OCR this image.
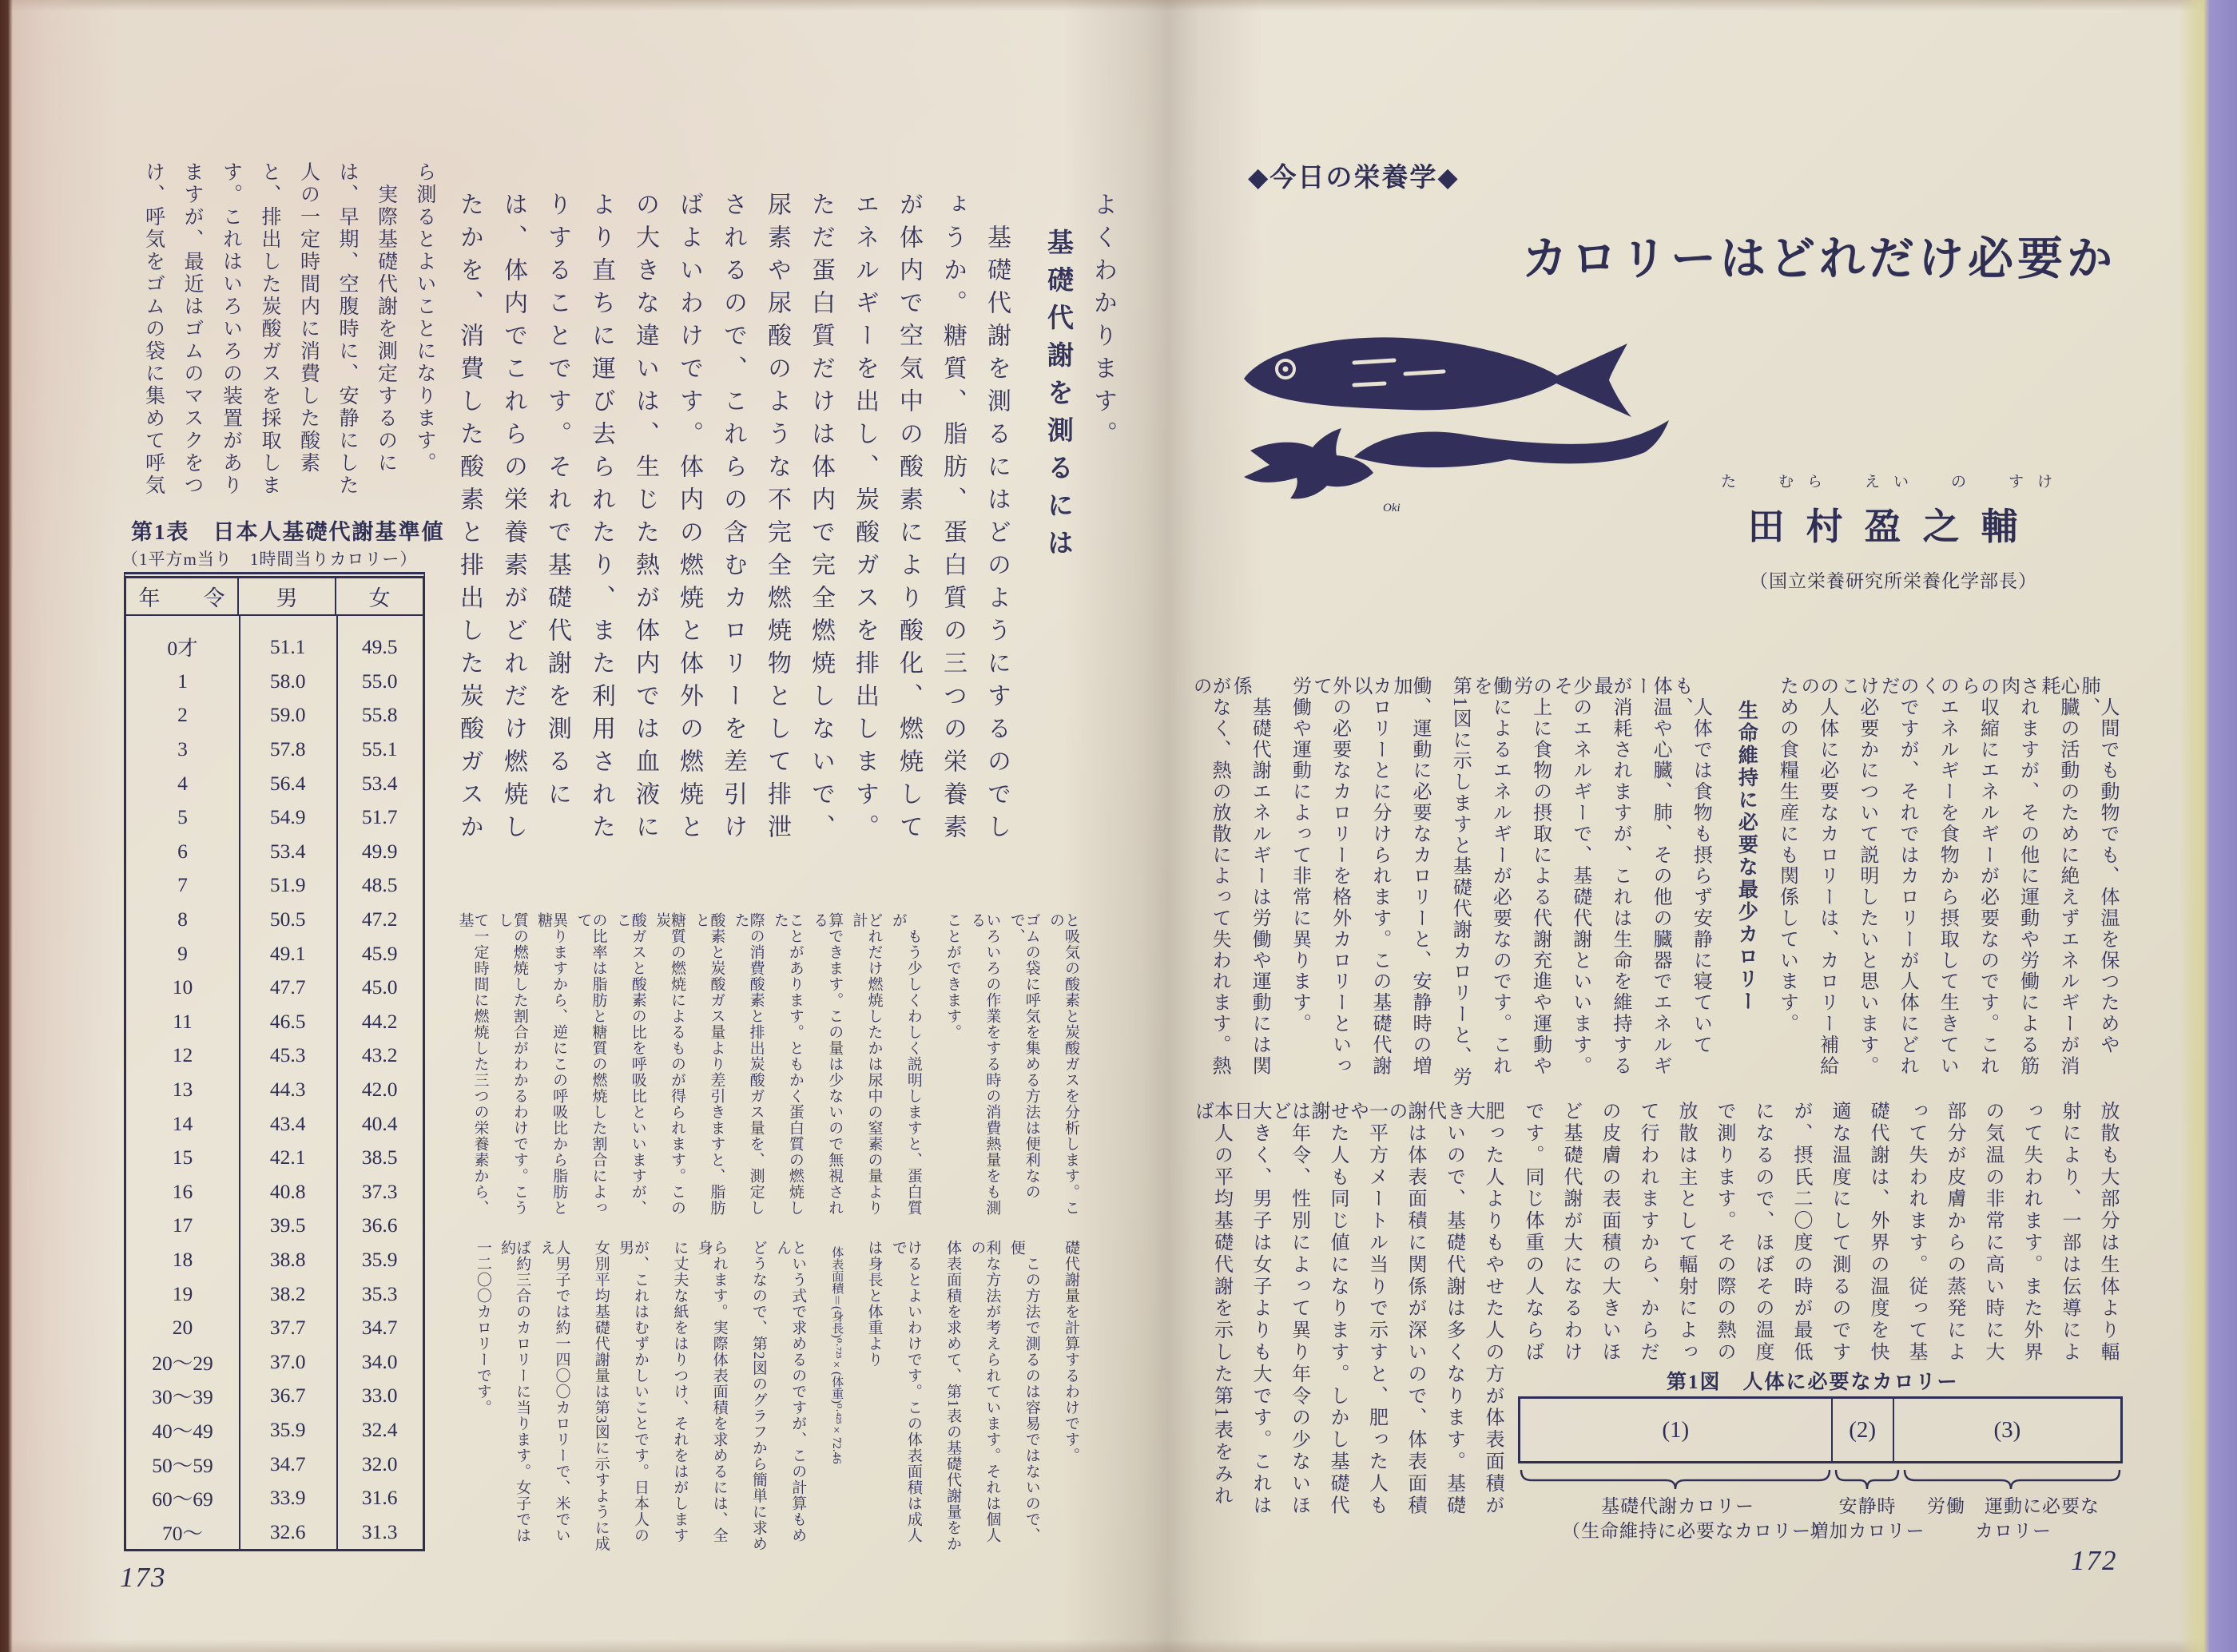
ら測るとよいことになります。
　実際基礎代謝を測定するのに
は、早期、空腹時に、安静にした
人の一定時間内に消費した酸素
と、排出した炭酸ガスを採取しま
す。これはいろいろの装置があり
ますが、最近はゴムのマスクをつ
け、呼気をゴムの袋に集めて呼気
第1表　日本人基礎代謝基準値
（1平方m当り　1時間当りカロリー）
年　　令	男	女
0才	51.1	49.5
1	58.0	55.0
2	59.0	55.8
3	57.8	55.1
4	56.4	53.4
5	54.9	51.7
6	53.4	49.9
7	51.9	48.5
8	50.5	47.2
9	49.1	45.9
10	47.7	45.0
11	46.5	44.2
12	45.3	43.2
13	44.3	42.0
14	43.4	40.4
15	42.1	38.5
16	40.8	37.3
17	39.5	36.6
18	38.8	35.9
19	38.2	35.3
20	37.7	34.7
20〜29	37.0	34.0
30〜39	36.7	33.0
40〜49	35.9	32.4
50〜59	34.7	32.0
60〜69	33.9	31.6
70〜	32.6	31.3
よくわかります。
基礎代謝を測るには
　基礎代謝を測るにはどのようにするのでし
ょうか。糖質、脂肪、蛋白質の三つの栄養素
が体内で空気中の酸素により酸化、燃焼して
エネルギーを出し、炭酸ガスを排出します。
ただ蛋白質だけは体内で完全燃焼しないで、
尿素や尿酸のような不完全燃焼物として排泄
されるので、これらの含むカロリーを差引け
ばよいわけです。体内の燃焼と体外の燃焼と
の大きな違いは、生じた熱が体内では血液に
より直ちに運び去られたり、また利用された
りすることです。それで基礎代謝を測るに
は、体内でこれらの栄養素がどれだけ燃焼し
たかを、消費した酸素と排出した炭酸ガスか
と吸気の酸素と炭酸ガスを分析します。この
ゴムの袋に呼気を集める方法は便利なので、
いろいろの作業をする時の消費熱量をも測る
ことができます。
　もう少しくわしく説明しますと、蛋白質が
どれだけ燃焼したかは尿中の窒素の量より計
算できます。この量は少ないので無視される
ことがあります。ともかく蛋白質の燃焼した
際の消費酸素と排出炭酸ガス量を、測定した
酸素と炭酸ガス量より差引きますと、脂肪と
糖質の燃焼によるものが得られます。この炭
酸ガスと酸素の比を呼吸比といいますが、こ
の比率は脂肪と糖質の燃焼した割合によって
異りますから、逆にこの呼吸比から脂肪と糖
質の燃焼した割合がわかるわけです。こうし
て一定時間に燃焼した三つの栄養素から、基
礎代謝量を計算するわけです。
　この方法で測るのは容易ではないので、便
利な方法が考えられています。それは個人の
体表面積を求めて、第1表の基礎代謝量をか
けるとよいわけです。この体表面積は成人で
は身長と体重より
体表面積＝(身長)⁰·⁷²⁵×(体重)⁰·⁴²⁵×72.46
という式で求めるのですが、この計算もめん
どうなので、第2図のグラフから簡単に求め
られます。実際体表面積を求めるには、全身
に丈夫な紙をはりつけ、それをはがします
が、これはむずかしいことです。日本人の男
女別平均基礎代謝量は第3図に示すように成
人男子では約一四〇〇カロリーで、米でいえ
ば約三合のカロリーに当ります。女子では約
一二〇〇カロリーです。
173
◆今日の栄養学◆
カロリーはどれだけ必要か
Oki
た　むら　えい　の　すけ
田村盈之輔
（国立栄養研究所栄養化学部長）
　人間でも動物でも、体温を保つためや肺、
心臓の活動のために絶えずエネルギーが消耗
されますが、その他に運動や労働による筋肉
の収縮にエネルギーが必要なのです。これら
のエネルギーを食物から摂取して生きていく
のですが、それではカロリーが人体にどれだ
け必要かについて説明したいと思います。こ
の人体に必要なカロリーは、カロリー補給の
ための食糧生産にも関係しています。
生命維持に必要な最少カロリー
　人体では食物も摂らず安静に寝ていても、
体温や心臓、肺、その他の臓器でエネルギー
が消耗されますが、これは生命を維持する最
少のエネルギーで、基礎代謝といいます。そ
の上に食物の摂取による代謝充進や運動や労
働によるエネルギーが必要なのです。これを
第1図に示しますと基礎代謝カロリーと、労
働、運動に必要なカロリーと、安静時の増加
カロリーとに分けられます。この基礎代謝以
外の必要なカロリーを格外カロリーといって
労働や運動によって非常に異ります。
　基礎代謝エネルギーは労働や運動には関係
がなく、熱の放散によって失われます。熱の
放散も大部分は生体より輻
射により、一部は伝導によ
って失われます。また外界
の気温の非常に高い時に大
部分が皮膚からの蒸発によ
って失われます。従って基
礎代謝は、外界の温度を快
適な温度にして測るのです
が、摂氏二〇度の時が最低
になるので、ほぼその温度
で測ります。その際の熱の
放散は主として輻射によっ
て行われますから、からだ
の皮膚の表面積の大きいほ
ど基礎代謝が大になるわけ
です。同じ体重の人ならば
肥った人よりもやせた人の方が体表面積が大
きいので、基礎代謝は多くなります。基礎代
謝は体表面積に関係が深いので、体表面積の
一平方メートル当りで示すと、肥った人もや
せた人も同じ値になります。しかし基礎代謝
は年令、性別によって異り年令の少ないほど
大きく、男子は女子よりも大です。これは日
本人の平均基礎代謝を示した第1表をみれば
第1図　人体に必要なカロリー
(1)	(2)	(3)
基礎代謝カロリー
（生命維持に必要なカロリー）
安静時
増加カロリー
労働　運動に必要な
カロリー
172
